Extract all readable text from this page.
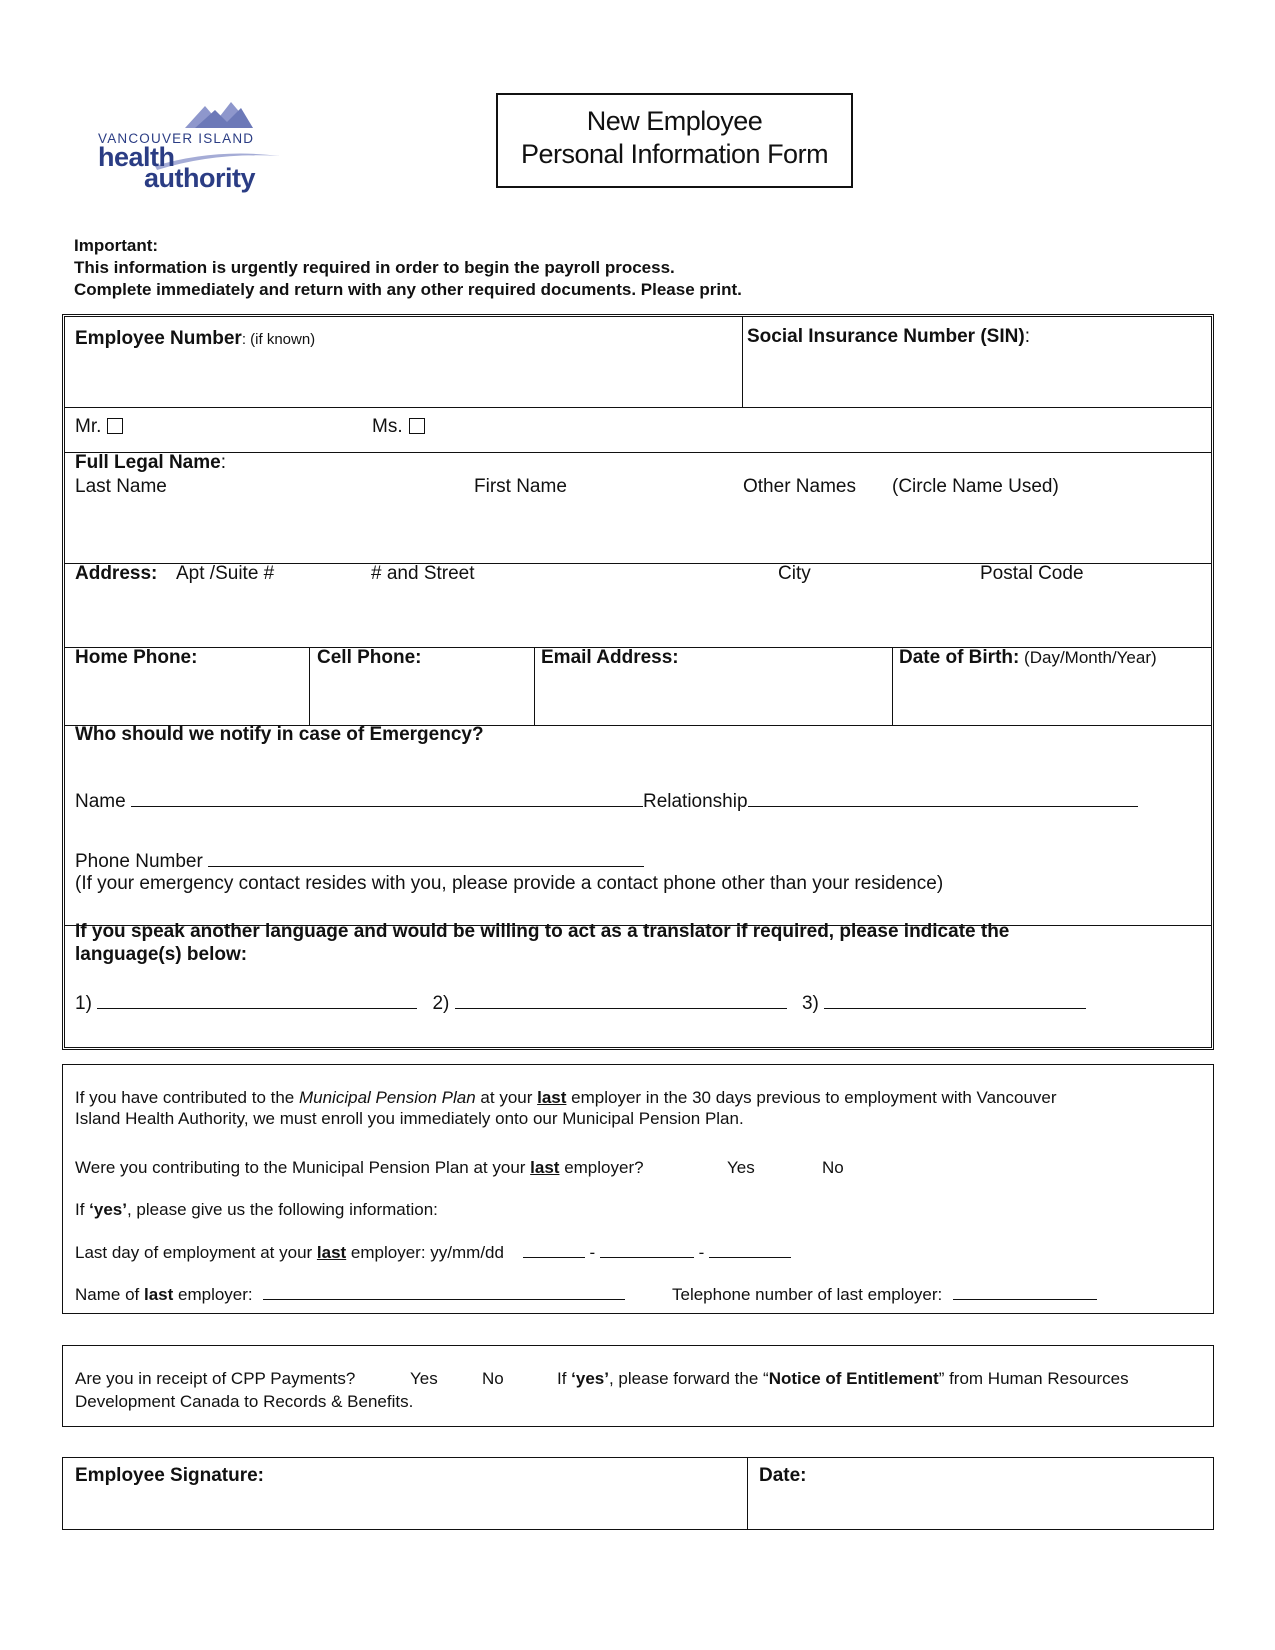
VANCOUVER ISLAND
health
authority
New Employee
Personal Information Form
Important:
This information is urgently required in order to begin the payroll process.
Complete immediately and return with any other required documents. Please print.
Employee Number: (if known)	Social Insurance Number (SIN):
Mr.	Ms.
Full Legal Name:
Last Name	First Name	Other Names (Circle Name Used)
Address: Apt /Suite #	# and Street	City	Postal Code
Home Phone:	Cell Phone:	Email Address:	Date of Birth: (Day/Month/Year)
Who should we notify in case of Emergency?
Name	Relationship
Phone Number
(If your emergency contact resides with you, please provide a contact phone other than your residence)
If you speak another language and would be willing to act as a translator if required, please indicate the
language(s) below:
1)	2)	3)
If you have contributed to the Municipal Pension Plan at your last employer in the 30 days previous to employment with Vancouver
Island Health Authority, we must enroll you immediately onto our Municipal Pension Plan.
Were you contributing to the Municipal Pension Plan at your last employer?	Yes	No
If ‘yes’, please give us the following information:
Last day of employment at your last employer: yy/mm/dd	-	-
Name of last employer:	Telephone number of last employer:
Are you in receipt of CPP Payments?	Yes	No	If ‘yes’, please forward the “Notice of Entitlement” from Human Resources
Development Canada to Records & Benefits.
Employee Signature:	Date:
